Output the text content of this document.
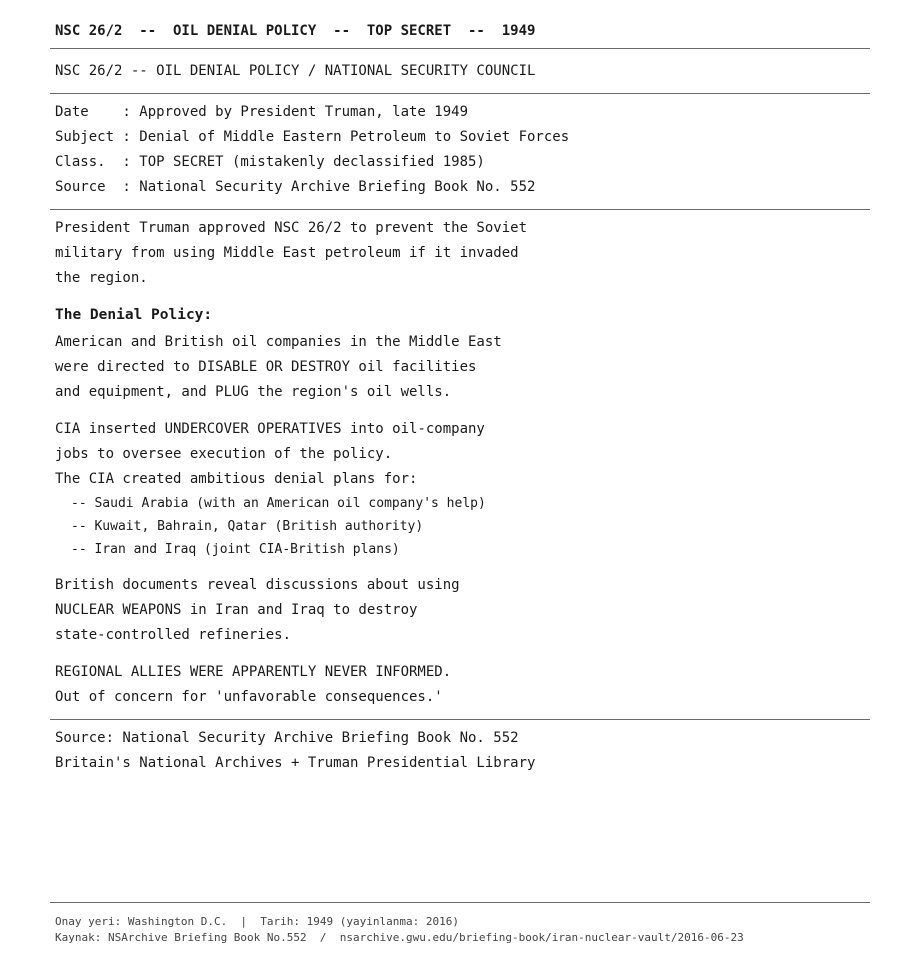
NSC 26/2  --  OIL DENIAL POLICY  --  TOP SECRET  --  1949
NSC 26/2 -- OIL DENIAL POLICY / NATIONAL SECURITY COUNCIL
Date    : Approved by President Truman, late 1949
Subject : Denial of Middle Eastern Petroleum to Soviet Forces
Class.  : TOP SECRET (mistakenly declassified 1985)
Source  : National Security Archive Briefing Book No. 552
President Truman approved NSC 26/2 to prevent the Soviet
military from using Middle East petroleum if it invaded
the region.
The Denial Policy:
American and British oil companies in the Middle East
were directed to DISABLE OR DESTROY oil facilities
and equipment, and PLUG the region's oil wells.
CIA inserted UNDERCOVER OPERATIVES into oil-company
jobs to oversee execution of the policy.
The CIA created ambitious denial plans for:
-- Saudi Arabia (with an American oil company's help)
-- Kuwait, Bahrain, Qatar (British authority)
-- Iran and Iraq (joint CIA-British plans)
British documents reveal discussions about using
NUCLEAR WEAPONS in Iran and Iraq to destroy
state-controlled refineries.
REGIONAL ALLIES WERE APPARENTLY NEVER INFORMED.
Out of concern for 'unfavorable consequences.'
Source: National Security Archive Briefing Book No. 552
Britain's National Archives + Truman Presidential Library
Onay yeri: Washington D.C.  |  Tarih: 1949 (yayinlanma: 2016)
Kaynak: NSArchive Briefing Book No.552  /  nsarchive.gwu.edu/briefing-book/iran-nuclear-vault/2016-06-23
